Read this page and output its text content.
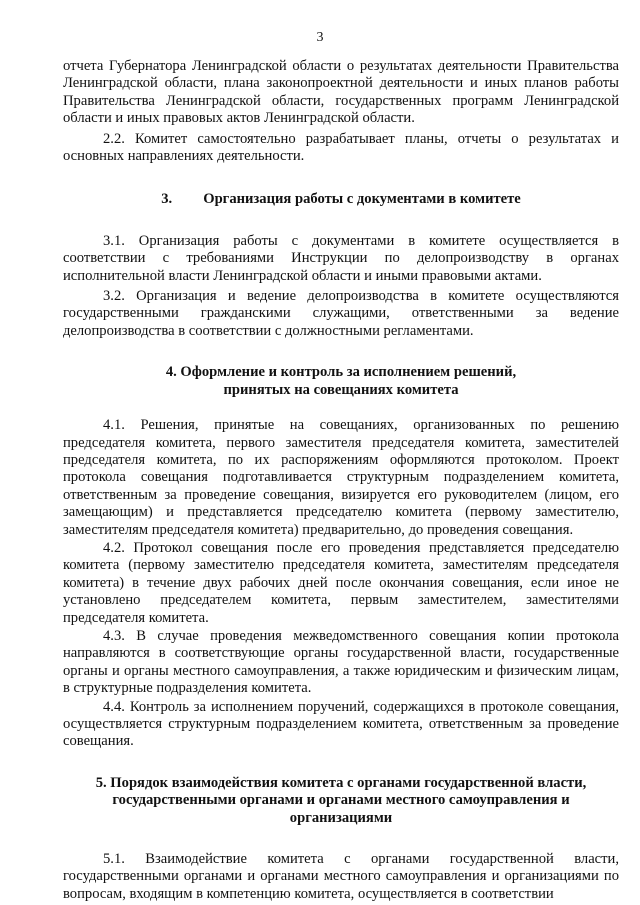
3

отчета Губернатора Ленинградской области о результатах деятельности Правительства Ленинградской области, плана законопроектной деятельности и иных планов работы Правительства Ленинградской области, государственных программ Ленинградской области и иных правовых актов Ленинградской области.

2.2. Комитет самостоятельно разрабатывает планы, отчеты о результатах и основных направлениях деятельности.

3. Организация работы с документами в комитете

3.1. Организация работы с документами в комитете осуществляется в соответствии с требованиями Инструкции по делопроизводству в органах исполнительной власти Ленинградской области и иными правовыми актами.

3.2. Организация и ведение делопроизводства в комитете осуществляются государственными гражданскими служащими, ответственными за ведение делопроизводства в соответствии с должностными регламентами.

4. Оформление и контроль за исполнением решений,
принятых на совещаниях комитета

4.1. Решения, принятые на совещаниях, организованных по решению председателя комитета, первого заместителя председателя комитета, заместителей председателя комитета, по их распоряжениям оформляются протоколом. Проект протокола совещания подготавливается структурным подразделением комитета, ответственным за проведение совещания, визируется его руководителем (лицом, его замещающим) и представляется председателю комитета (первому заместителю, заместителям председателя комитета) предварительно, до проведения совещания.

4.2. Протокол совещания после его проведения представляется председателю комитета (первому заместителю председателя комитета, заместителям председателя комитета) в течение двух рабочих дней после окончания совещания, если иное не установлено председателем комитета, первым заместителем, заместителями председателя комитета.

4.3. В случае проведения межведомственного совещания копии протокола направляются в соответствующие органы государственной власти, государственные органы и органы местного самоуправления, а также юридическим и физическим лицам, в структурные подразделения комитета.

4.4. Контроль за исполнением поручений, содержащихся в протоколе совещания, осуществляется структурным подразделением комитета, ответственным за проведение совещания.

5. Порядок взаимодействия комитета с органами государственной власти,
государственными органами и органами местного самоуправления и
организациями

5.1. Взаимодействие комитета с органами государственной власти, государственными органами и органами местного самоуправления и организациями по вопросам, входящим в компетенцию комитета, осуществляется в соответствии
